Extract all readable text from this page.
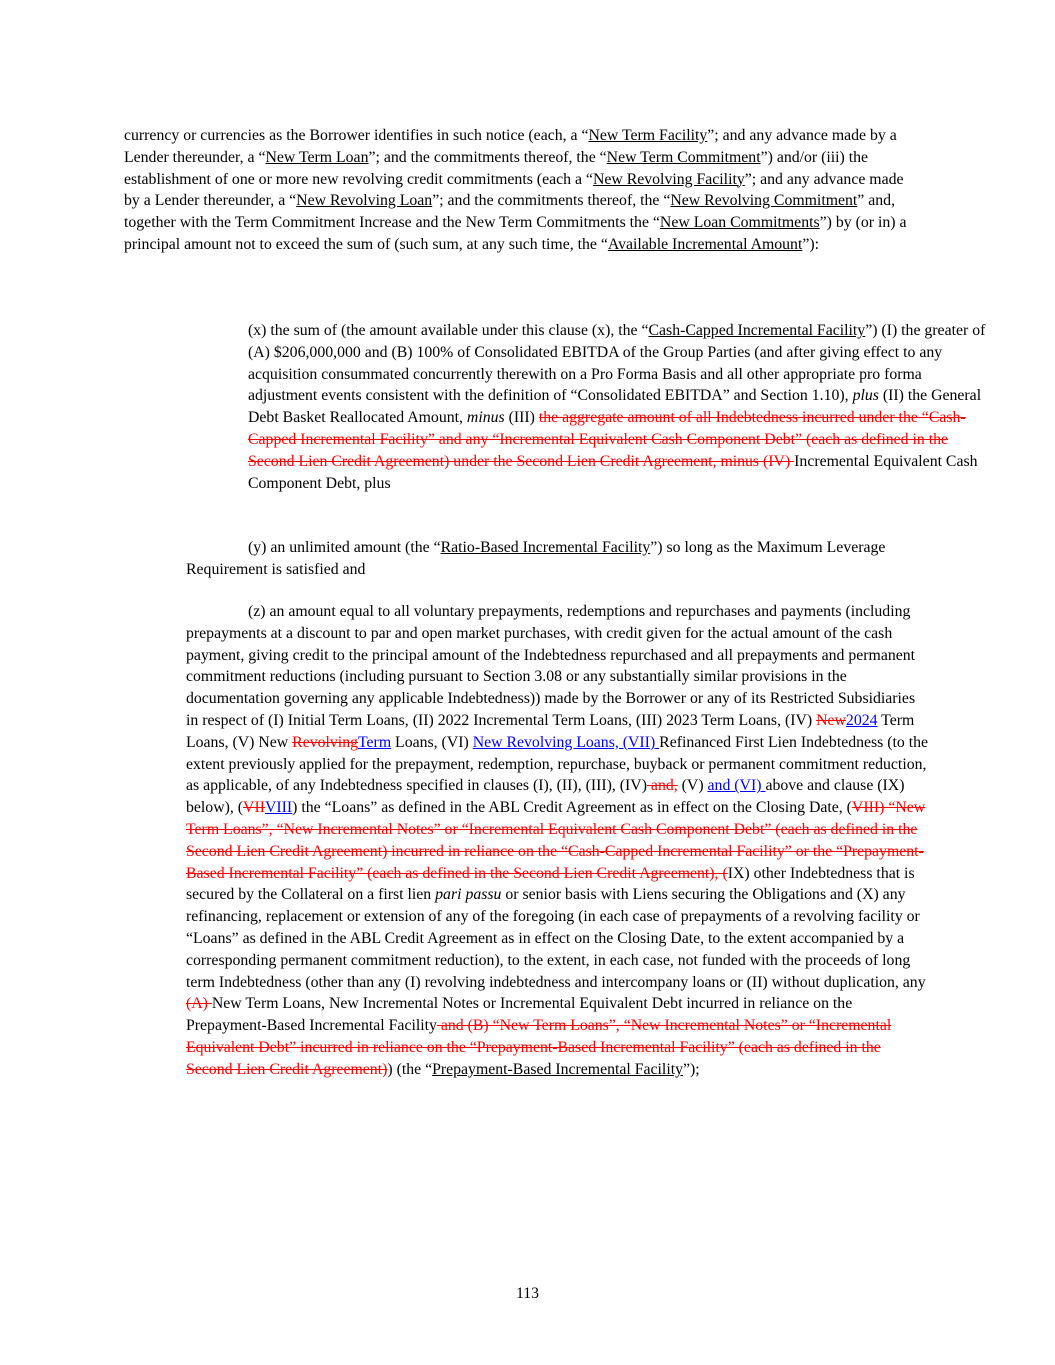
currency or currencies as the Borrower identifies in such notice (each, a “New Term Facility”; and any advance made by a Lender thereunder, a “New Term Loan”; and the commitments thereof, the “New Term Commitment”) and/or (iii) the establishment of one or more new revolving credit commitments (each a “New Revolving Facility”; and any advance made by a Lender thereunder, a “New Revolving Loan”; and the commitments thereof, the “New Revolving Commitment” and, together with the Term Commitment Increase and the New Term Commitments the “New Loan Commitments”) by (or in) a principal amount not to exceed the sum of (such sum, at any such time, the “Available Incremental Amount”):

(x) the sum of (the amount available under this clause (x), the “Cash-Capped Incremental Facility”) (I) the greater of (A) $206,000,000 and (B) 100% of Consolidated EBITDA of the Group Parties (and after giving effect to any acquisition consummated concurrently therewith on a Pro Forma Basis and all other appropriate pro forma adjustment events consistent with the definition of “Consolidated EBITDA” and Section 1.10), plus (II) the General Debt Basket Reallocated Amount, minus (III) the aggregate amount of all Indebtedness incurred under the “Cash-Capped Incremental Facility” and any “Incremental Equivalent Cash Component Debt” (each as defined in the Second Lien Credit Agreement) under the Second Lien Credit Agreement, minus (IV) Incremental Equivalent Cash Component Debt, plus

(y) an unlimited amount (the “Ratio-Based Incremental Facility”) so long as the Maximum Leverage Requirement is satisfied and

(z) an amount equal to all voluntary prepayments, redemptions and repurchases and payments (including prepayments at a discount to par and open market purchases, with credit given for the actual amount of the cash payment, giving credit to the principal amount of the Indebtedness repurchased and all prepayments and permanent commitment reductions (including pursuant to Section 3.08 or any substantially similar provisions in the documentation governing any applicable Indebtedness)) made by the Borrower or any of its Restricted Subsidiaries in respect of (I) Initial Term Loans, (II) 2022 Incremental Term Loans, (III) 2023 Term Loans, (IV) New2024 Term Loans, (V) New RevolvingTerm Loans, (VI) New Revolving Loans, (VII) Refinanced First Lien Indebtedness (to the extent previously applied for the prepayment, redemption, repurchase, buyback or permanent commitment reduction, as applicable, of any Indebtedness specified in clauses (I), (II), (III), (IV) and, (V) and (VI) above and clause (IX) below), (VIIVIII) the “Loans” as defined in the ABL Credit Agreement as in effect on the Closing Date, (VIII) “New Term Loans”, “New Incremental Notes” or “Incremental Equivalent Cash Component Debt” (each as defined in the Second Lien Credit Agreement) incurred in reliance on the “Cash-Capped Incremental Facility” or the “Prepayment-Based Incremental Facility” (each as defined in the Second Lien Credit Agreement), (IX) other Indebtedness that is secured by the Collateral on a first lien pari passu or senior basis with Liens securing the Obligations and (X) any refinancing, replacement or extension of any of the foregoing (in each case of prepayments of a revolving facility or “Loans” as defined in the ABL Credit Agreement as in effect on the Closing Date, to the extent accompanied by a corresponding permanent commitment reduction), to the extent, in each case, not funded with the proceeds of long term Indebtedness (other than any (I) revolving indebtedness and intercompany loans or (II) without duplication, any (A) New Term Loans, New Incremental Notes or Incremental Equivalent Debt incurred in reliance on the Prepayment-Based Incremental Facility and (B) “New Term Loans”, “New Incremental Notes” or “Incremental Equivalent Debt” incurred in reliance on the “Prepayment-Based Incremental Facility” (each as defined in the Second Lien Credit Agreement)) (the “Prepayment-Based Incremental Facility”);

113
